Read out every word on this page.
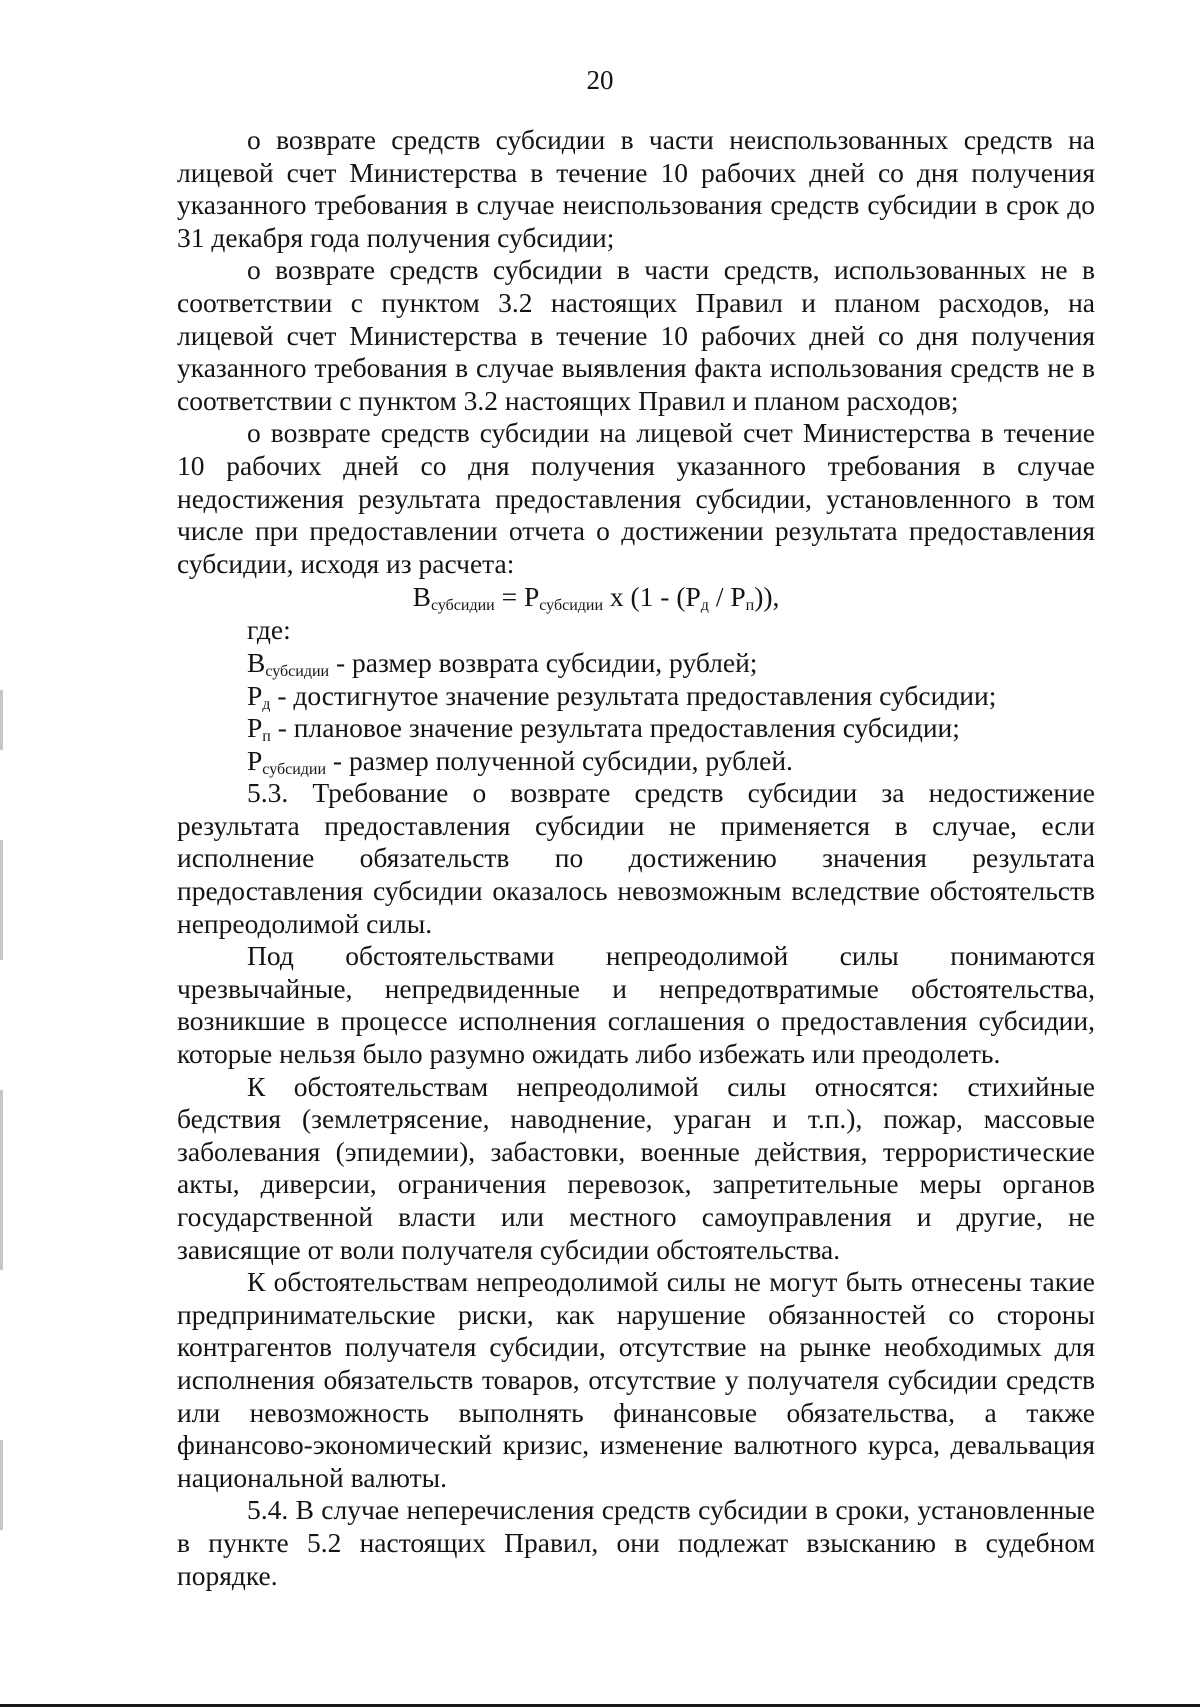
20

о возврате средств субсидии в части неиспользованных средств на лицевой счет Министерства в течение 10 рабочих дней со дня получения указанного требования в случае неиспользования средств субсидии в срок до 31 декабря года получения субсидии;

о возврате средств субсидии в части средств, использованных не в соответствии с пунктом 3.2 настоящих Правил и планом расходов, на лицевой счет Министерства в течение 10 рабочих дней со дня получения указанного требования в случае выявления факта использования средств не в соответствии с пунктом 3.2 настоящих Правил и планом расходов;

о возврате средств субсидии на лицевой счет Министерства в течение 10 рабочих дней со дня получения указанного требования в случае недостижения результата предоставления субсидии, установленного в том числе при предоставлении отчета о достижении результата предоставления субсидии, исходя из расчета:

$В_{субсидии} = Р_{субсидии}$ х $(1 - (Р_д / Р_п))$,

где:

$В_{субсидии}$ - размер возврата субсидии, рублей;

$Р_д$ - достигнутое значение результата предоставления субсидии;

$Р_п$ - плановое значение результата предоставления субсидии;

$Р_{субсидии}$ - размер полученной субсидии, рублей.

5.3. Требование о возврате средств субсидии за недостижение результата предоставления субсидии не применяется в случае, если исполнение обязательств по достижению значения результата предоставления субсидии оказалось невозможным вследствие обстоятельств непреодолимой силы.

Под обстоятельствами непреодолимой силы понимаются чрезвычайные, непредвиденные и непредотвратимые обстоятельства, возникшие в процессе исполнения соглашения о предоставления субсидии, которые нельзя было разумно ожидать либо избежать или преодолеть.

К обстоятельствам непреодолимой силы относятся: стихийные бедствия (землетрясение, наводнение, ураган и т.п.), пожар, массовые заболевания (эпидемии), забастовки, военные действия, террористические акты, диверсии, ограничения перевозок, запретительные меры органов государственной власти или местного самоуправления и другие, не зависящие от воли получателя субсидии обстоятельства.

К обстоятельствам непреодолимой силы не могут быть отнесены такие предпринимательские риски, как нарушение обязанностей со стороны контрагентов получателя субсидии, отсутствие на рынке необходимых для исполнения обязательств товаров, отсутствие у получателя субсидии средств или невозможность выполнять финансовые обязательства, а также финансово-экономический кризис, изменение валютного курса, девальвация национальной валюты.

5.4. В случае неперечисления средств субсидии в сроки, установленные в пункте 5.2 настоящих Правил, они подлежат взысканию в судебном порядке.
